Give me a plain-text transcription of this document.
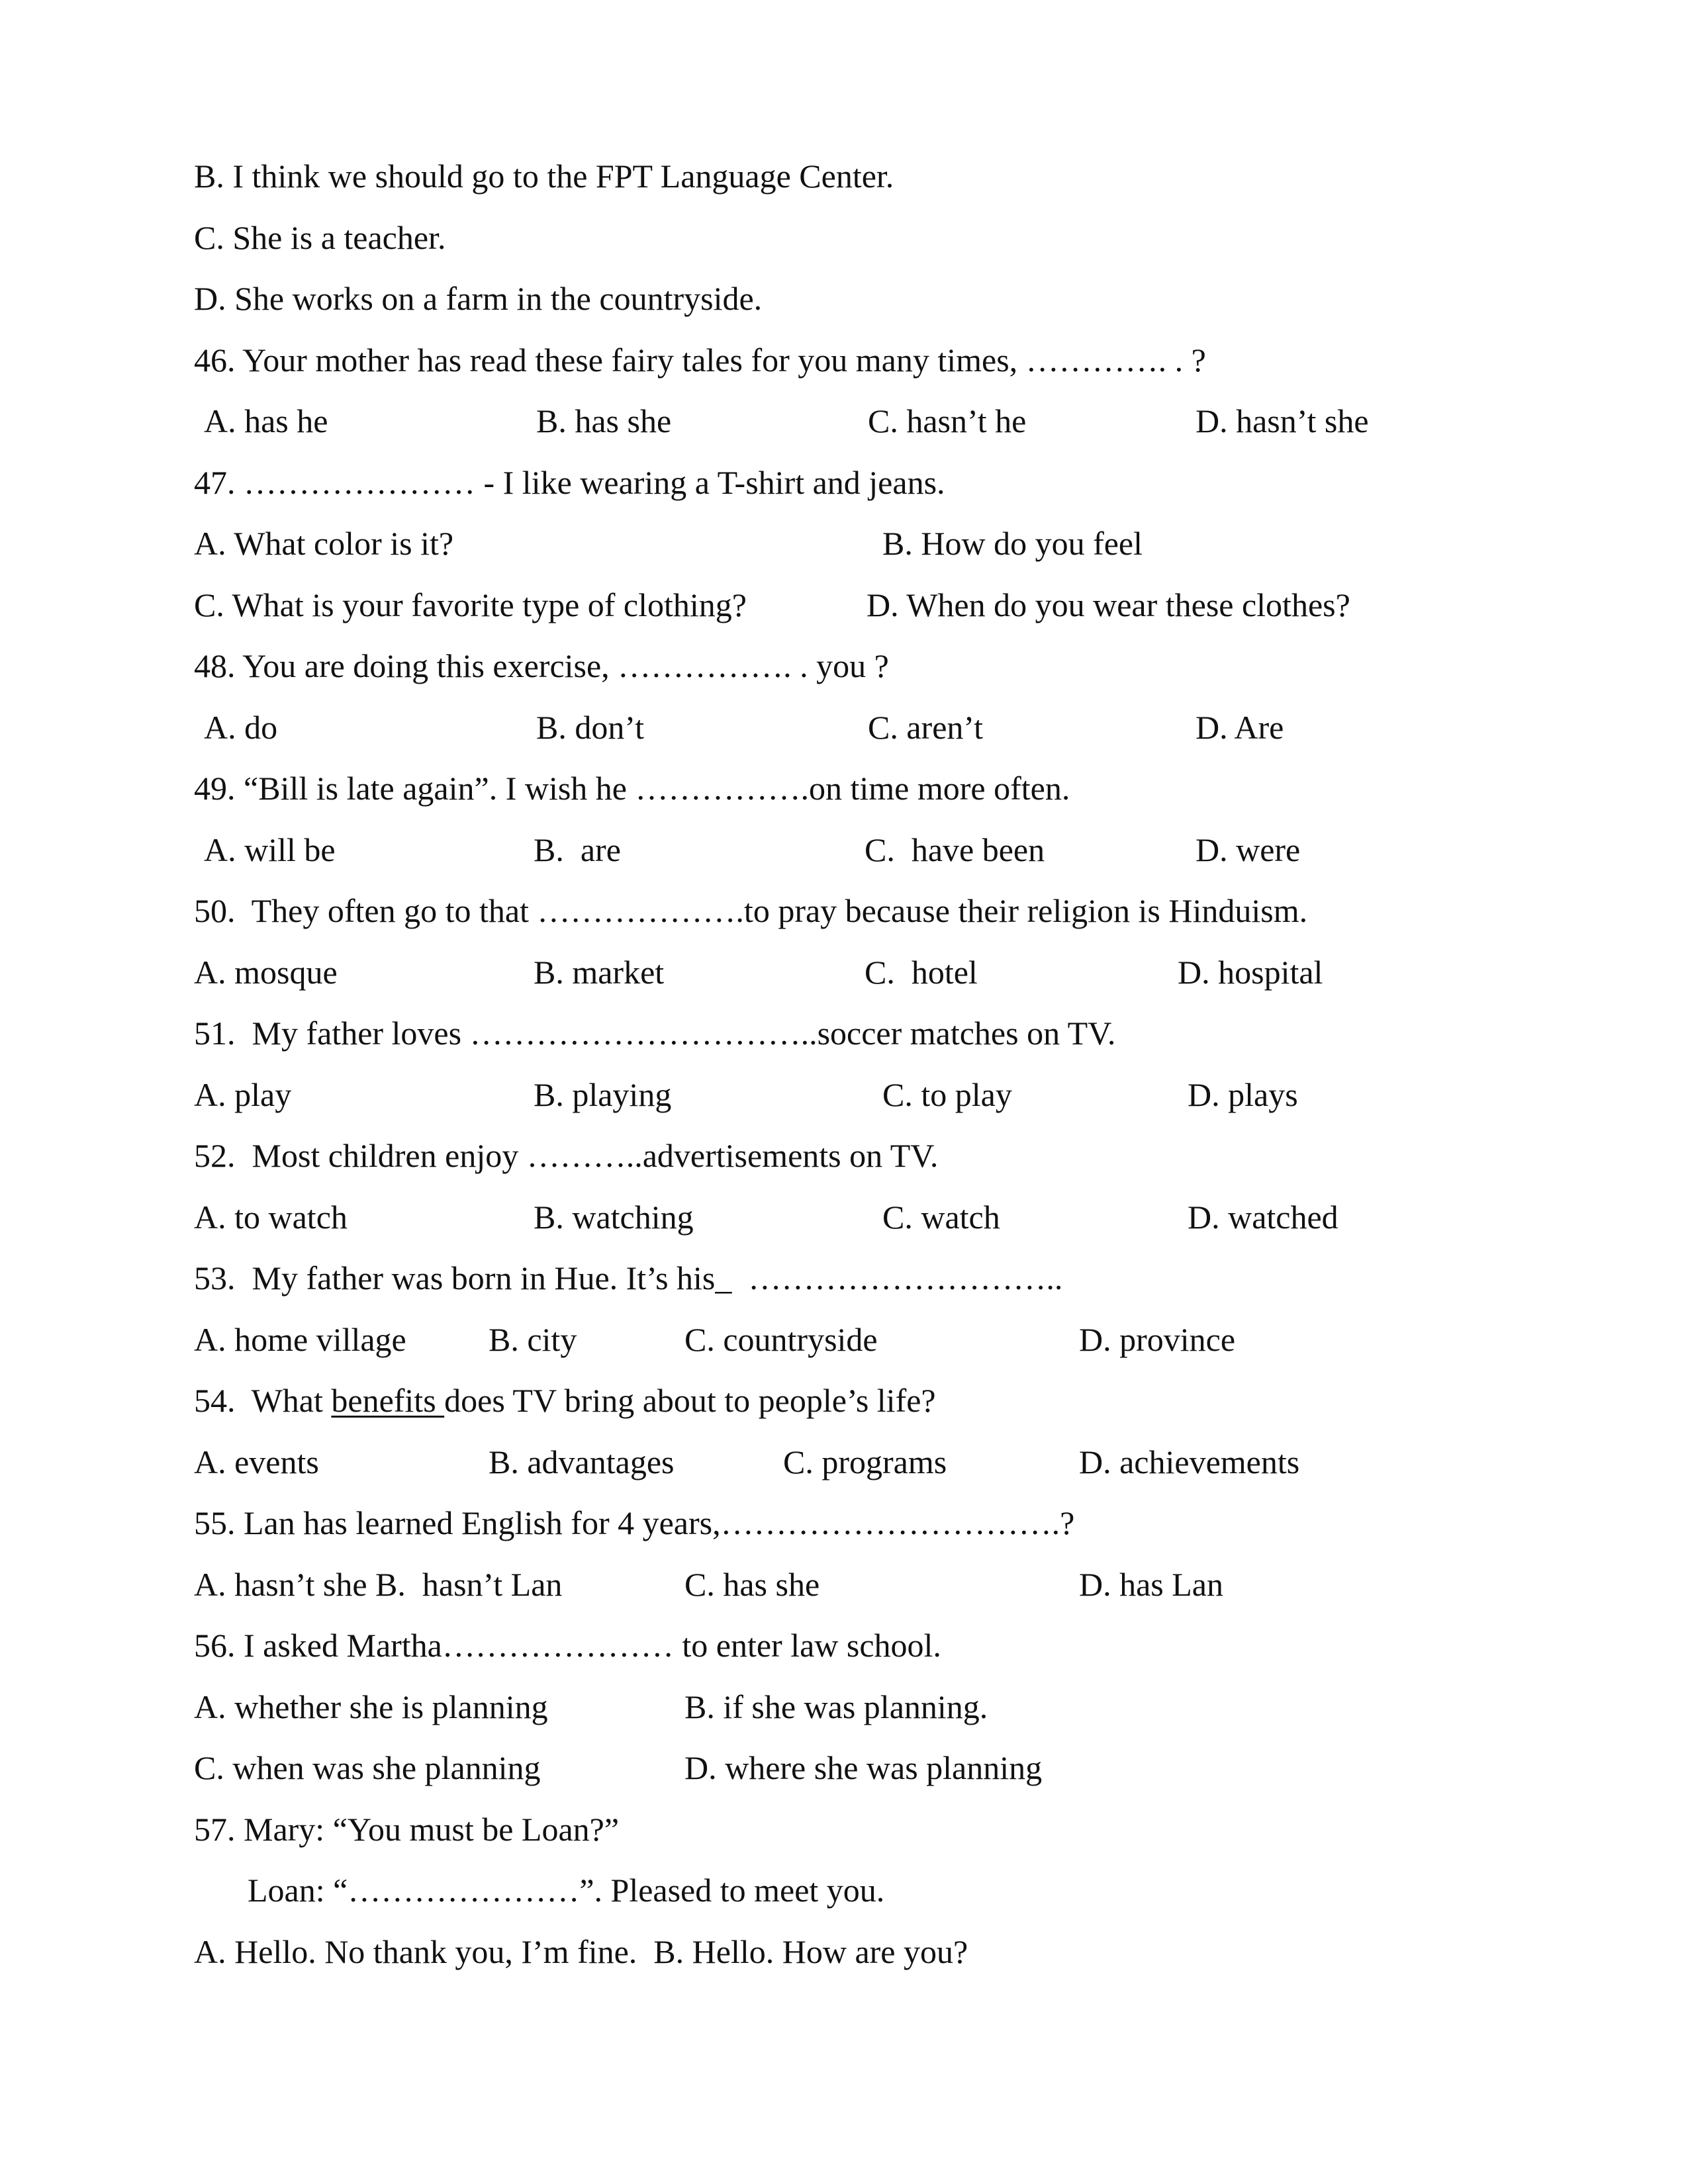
B. I think we should go to the FPT Language Center.
C. She is a teacher.
D. She works on a farm in the countryside.
46. Your mother has read these fairy tales for you many times, …………. . ?
A. has he	B. has she	C. hasn’t he	D. hasn’t she
47. ………………… - I like wearing a T-shirt and jeans.
A. What color is it?	B. How do you feel
C. What is your favorite type of clothing?	D. When do you wear these clothes?
48. You are doing this exercise, ……………. . you ?
A. do	B. don’t	C. aren’t	D. Are
49. “Bill is late again”. I wish he …………….on time more often.
A. will be	B.  are	C.  have been	D. were
50.  They often go to that ……………….to pray because their religion is Hinduism.
A. mosque	B. market	C.  hotel	D. hospital
51.  My father loves …………………………..soccer matches on TV.
A. play	B. playing	C. to play	D. plays
52.  Most children enjoy ………..advertisements on TV.
A. to watch	B. watching	C. watch	D. watched
53.  My father was born in Hue. It’s his_  ………………………..
A. home village B. city	C. countryside	D. province
54.  What benefits does TV bring about to people’s life?
A. events	B. advantages	C. programs	D. achievements
55. Lan has learned English for 4 years,………………………….?
A. hasn’t she B.  hasn’t Lan	C. has she	D. has Lan
56. I asked Martha………………… to enter law school.
A. whether she is planning	B. if she was planning.
C. when was she planning	D. where she was planning
57. Mary: “You must be Loan?”
Loan: “…………………”. Pleased to meet you.
A. Hello. No thank you, I’m fine.  B. Hello. How are you?
